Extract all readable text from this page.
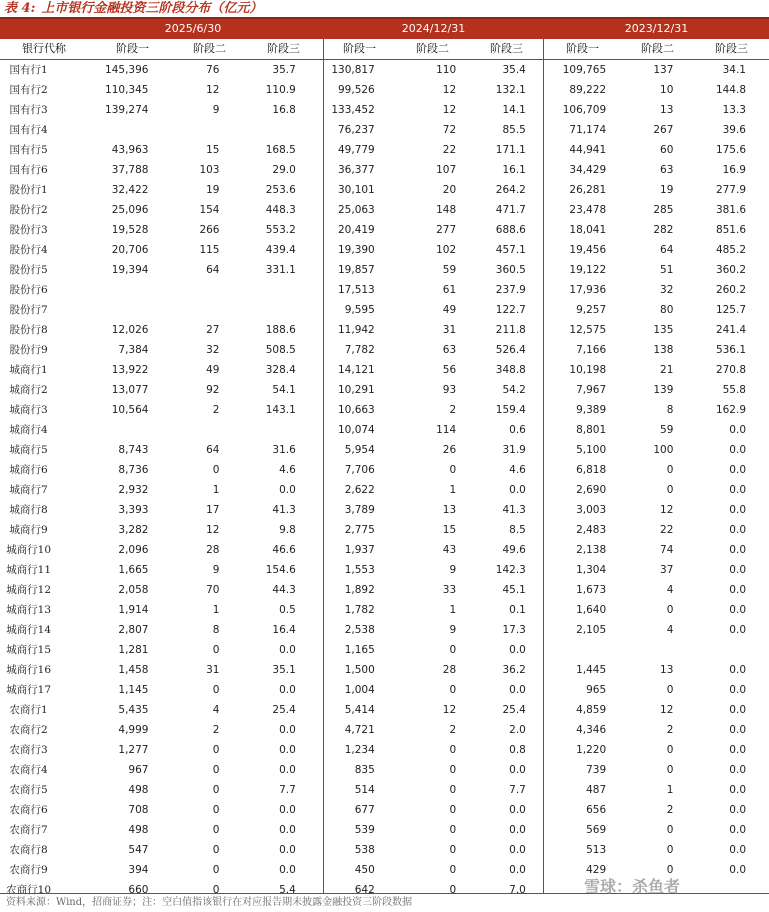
表 4: 上市银行金融投资三阶段分布（亿元）
2025/6/30	2024/12/31	2023/12/31
银行代称	阶段一	阶段二	阶段三	阶段一	阶段二	阶段三	阶段一	阶段二	阶段三
国有行1	145,396	76	35.7	130,817	110	35.4	109,765	137	34.1
国有行2	110,345	12	110.9	99,526	12	132.1	89,222	10	144.8
国有行3	139,274	9	16.8	133,452	12	14.1	106,709	13	13.3
国有行4				76,237	72	85.5	71,174	267	39.6
国有行5	43,963	15	168.5	49,779	22	171.1	44,941	60	175.6
国有行6	37,788	103	29.0	36,377	107	16.1	34,429	63	16.9
股份行1	32,422	19	253.6	30,101	20	264.2	26,281	19	277.9
股份行2	25,096	154	448.3	25,063	148	471.7	23,478	285	381.6
股份行3	19,528	266	553.2	20,419	277	688.6	18,041	282	851.6
股份行4	20,706	115	439.4	19,390	102	457.1	19,456	64	485.2
股份行5	19,394	64	331.1	19,857	59	360.5	19,122	51	360.2
股份行6				17,513	61	237.9	17,936	32	260.2
股份行7				9,595	49	122.7	9,257	80	125.7
股份行8	12,026	27	188.6	11,942	31	211.8	12,575	135	241.4
股份行9	7,384	32	508.5	7,782	63	526.4	7,166	138	536.1
城商行1	13,922	49	328.4	14,121	56	348.8	10,198	21	270.8
城商行2	13,077	92	54.1	10,291	93	54.2	7,967	139	55.8
城商行3	10,564	2	143.1	10,663	2	159.4	9,389	8	162.9
城商行4				10,074	114	0.6	8,801	59	0.0
城商行5	8,743	64	31.6	5,954	26	31.9	5,100	100	0.0
城商行6	8,736	0	4.6	7,706	0	4.6	6,818	0	0.0
城商行7	2,932	1	0.0	2,622	1	0.0	2,690	0	0.0
城商行8	3,393	17	41.3	3,789	13	41.3	3,003	12	0.0
城商行9	3,282	12	9.8	2,775	15	8.5	2,483	22	0.0
城商行10	2,096	28	46.6	1,937	43	49.6	2,138	74	0.0
城商行11	1,665	9	154.6	1,553	9	142.3	1,304	37	0.0
城商行12	2,058	70	44.3	1,892	33	45.1	1,673	4	0.0
城商行13	1,914	1	0.5	1,782	1	0.1	1,640	0	0.0
城商行14	2,807	8	16.4	2,538	9	17.3	2,105	4	0.0
城商行15	1,281	0	0.0	1,165	0	0.0			
城商行16	1,458	31	35.1	1,500	28	36.2	1,445	13	0.0
城商行17	1,145	0	0.0	1,004	0	0.0	965	0	0.0
农商行1	5,435	4	25.4	5,414	12	25.4	4,859	12	0.0
农商行2	4,999	2	0.0	4,721	2	2.0	4,346	2	0.0
农商行3	1,277	0	0.0	1,234	0	0.8	1,220	0	0.0
农商行4	967	0	0.0	835	0	0.0	739	0	0.0
农商行5	498	0	7.7	514	0	7.7	487	1	0.0
农商行6	708	0	0.0	677	0	0.0	656	2	0.0
农商行7	498	0	0.0	539	0	0.0	569	0	0.0
农商行8	547	0	0.0	538	0	0.0	513	0	0.0
农商行9	394	0	0.0	450	0	0.0	429	0	0.0
农商行10	660	0	5.4	642	0	7.0			
资料来源：Wind，招商证券；注：空白值指该银行在对应报告期未披露金融投资三阶段数据
雪球：杀鱼者
